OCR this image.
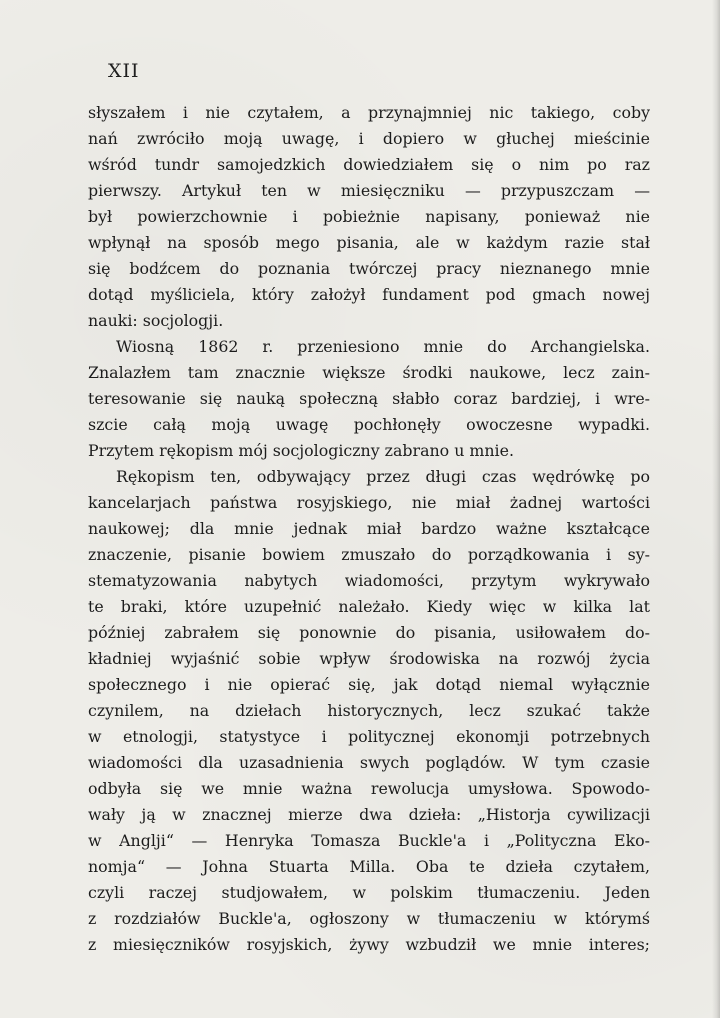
XII
słyszałem i nie czytałem, a przynajmniej nic takiego, coby
nań zwróciło moją uwagę, i dopiero w głuchej mieścinie
wśród tundr samojedzkich dowiedziałem się o nim po raz
pierwszy. Artykuł ten w miesięczniku — przypuszczam —
był powierzchownie i pobieżnie napisany, ponieważ nie
wpłynął na sposób mego pisania, ale w każdym razie stał
się bodźcem do poznania twórczej pracy nieznanego mnie
dotąd myśliciela, który założył fundament pod gmach nowej
nauki: socjologji.
Wiosną 1862 r. przeniesiono mnie do Archangielska.
Znalazłem tam znacznie większe środki naukowe, lecz zain-
teresowanie się nauką społeczną słabło coraz bardziej, i wre-
szcie całą moją uwagę pochłonęły owoczesne wypadki.
Przytem rękopism mój socjologiczny zabrano u mnie.
Rękopism ten, odbywający przez długi czas wędrówkę po
kancelarjach państwa rosyjskiego, nie miał żadnej wartości
naukowej; dla mnie jednak miał bardzo ważne kształcące
znaczenie, pisanie bowiem zmuszało do porządkowania i sy-
stematyzowania nabytych wiadomości, przytym wykrywało
te braki, które uzupełnić należało. Kiedy więc w kilka lat
później zabrałem się ponownie do pisania, usiłowałem do-
kładniej wyjaśnić sobie wpływ środowiska na rozwój życia
społecznego i nie opierać się, jak dotąd niemal wyłącznie
czynilem, na dziełach historycznych, lecz szukać także
w etnologji, statystyce i politycznej ekonomji potrzebnych
wiadomości dla uzasadnienia swych poglądów. W tym czasie
odbyła się we mnie ważna rewolucja umysłowa. Spowodo-
wały ją w znacznej mierze dwa dzieła: „Historja cywilizacji
w Anglji“ — Henryka Tomasza Buckle'a i „Polityczna Eko-
nomja“ — Johna Stuarta Milla. Oba te dzieła czytałem,
czyli raczej studjowałem, w polskim tłumaczeniu. Jeden
z rozdziałów Buckle'a, ogłoszony w tłumaczeniu w którymś
z miesięczników rosyjskich, żywy wzbudził we mnie interes;
